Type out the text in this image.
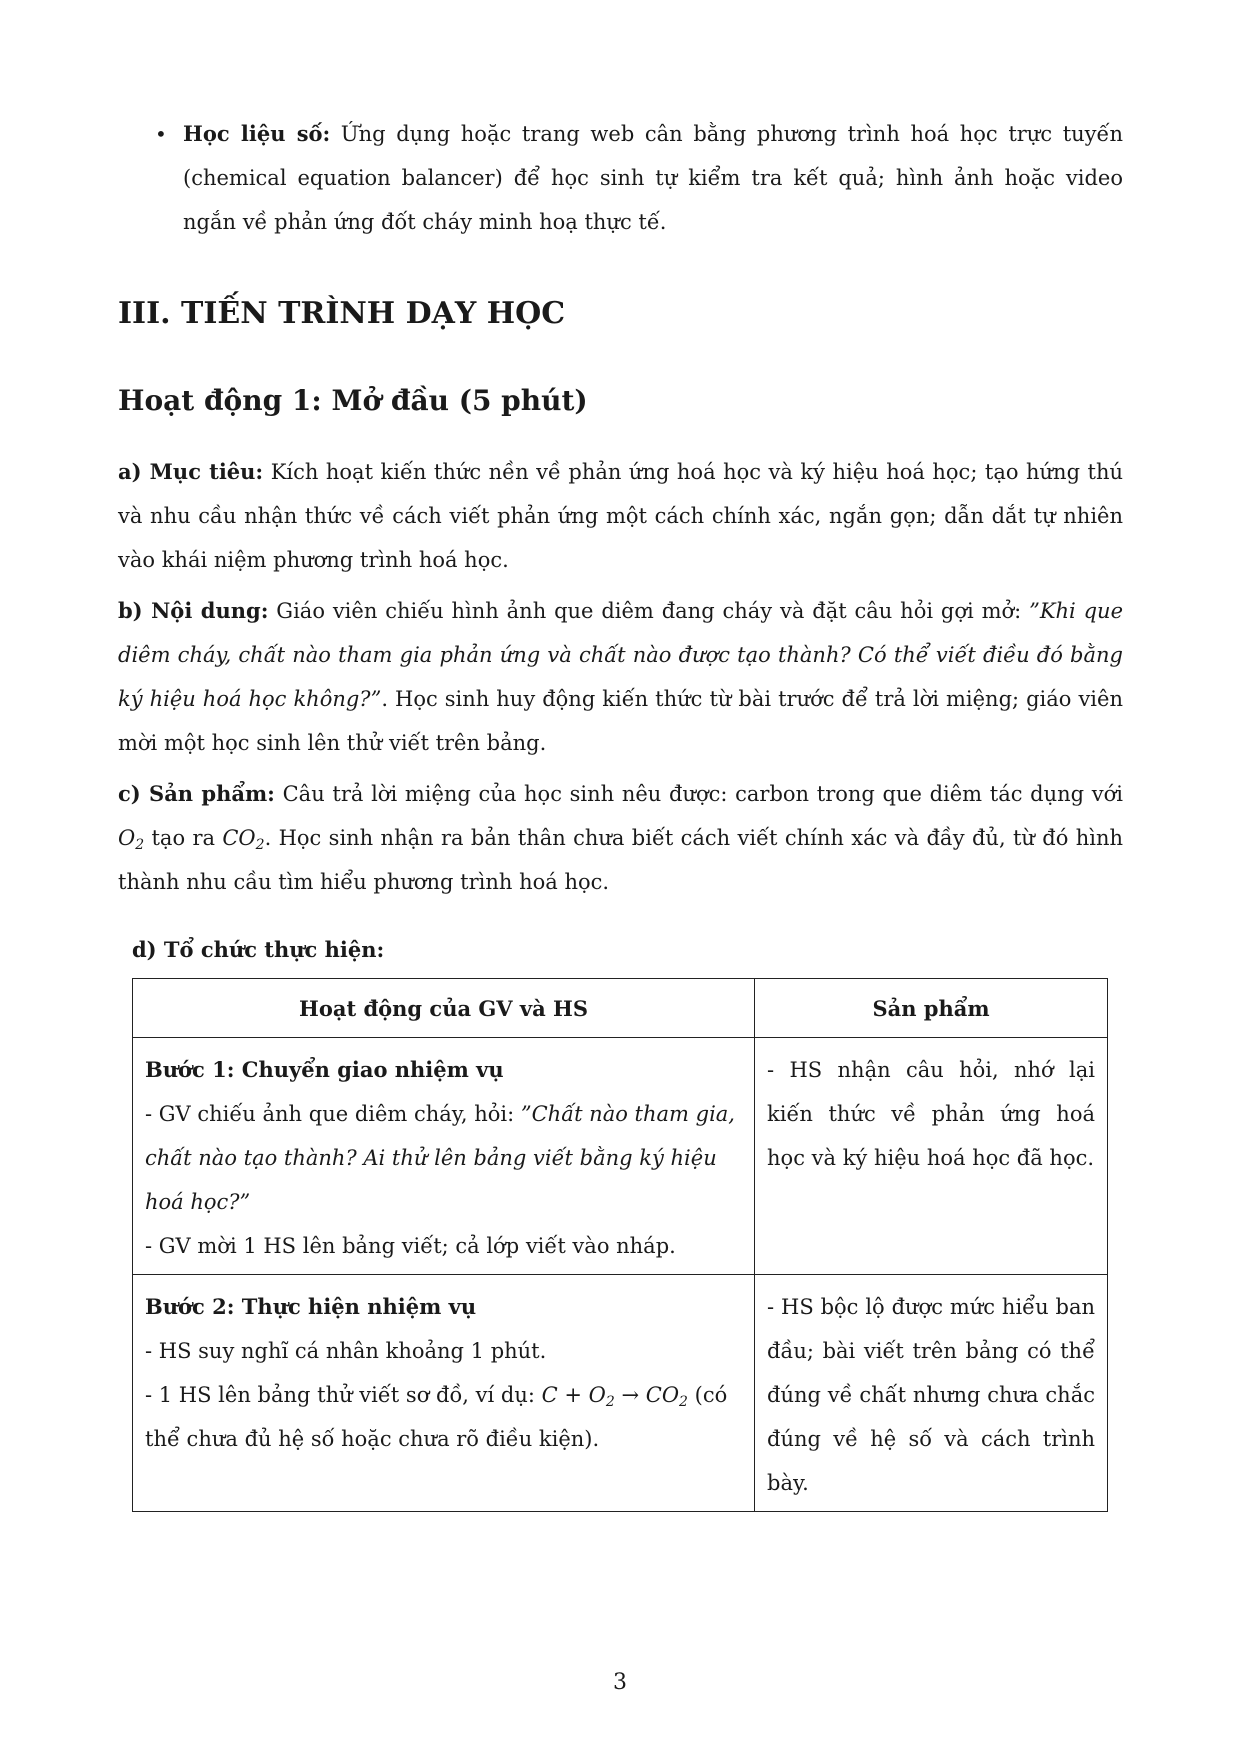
• Học liệu số: Ứng dụng hoặc trang web cân bằng phương trình hoá học trực tuyến (chemical equation balancer) để học sinh tự kiểm tra kết quả; hình ảnh hoặc video ngắn về phản ứng đốt cháy minh hoạ thực tế.
III. TIẾN TRÌNH DẠY HỌC
Hoạt động 1: Mở đầu (5 phút)

a) Mục tiêu: Kích hoạt kiến thức nền về phản ứng hoá học và ký hiệu hoá học; tạo hứng thú và nhu cầu nhận thức về cách viết phản ứng một cách chính xác, ngắn gọn; dẫn dắt tự nhiên vào khái niệm phương trình hoá học.

b) Nội dung: Giáo viên chiếu hình ảnh que diêm đang cháy và đặt câu hỏi gợi mở: ”Khi que diêm cháy, chất nào tham gia phản ứng và chất nào được tạo thành? Có thể viết điều đó bằng ký hiệu hoá học không?”. Học sinh huy động kiến thức từ bài trước để trả lời miệng; giáo viên mời một học sinh lên thử viết trên bảng.

c) Sản phẩm: Câu trả lời miệng của học sinh nêu được: carbon trong que diêm tác dụng với $O_2$ tạo ra $CO_2$. Học sinh nhận ra bản thân chưa biết cách viết chính xác và đầy đủ, từ đó hình thành nhu cầu tìm hiểu phương trình hoá học.

d) Tổ chức thực hiện:

Hoạt động của GV và HS	Sản phẩm

Bước 1: Chuyển giao nhiệm vụ
- GV chiếu ảnh que diêm cháy, hỏi: ”Chất nào tham gia, chất nào tạo thành? Ai thử lên bảng viết bằng ký hiệu hoá học?”
- GV mời 1 HS lên bảng viết; cả lớp viết vào nháp.	- HS nhận câu hỏi, nhớ lại kiến thức về phản ứng hoá học và ký hiệu hoá học đã học.

Bước 2: Thực hiện nhiệm vụ
- HS suy nghĩ cá nhân khoảng 1 phút.
- 1 HS lên bảng thử viết sơ đồ, ví dụ: $C + O_2 \to CO_2$ (có thể chưa đủ hệ số hoặc chưa rõ điều kiện).	- HS bộc lộ được mức hiểu ban đầu; bài viết trên bảng có thể đúng về chất nhưng chưa chắc đúng về hệ số và cách trình bày.
3
